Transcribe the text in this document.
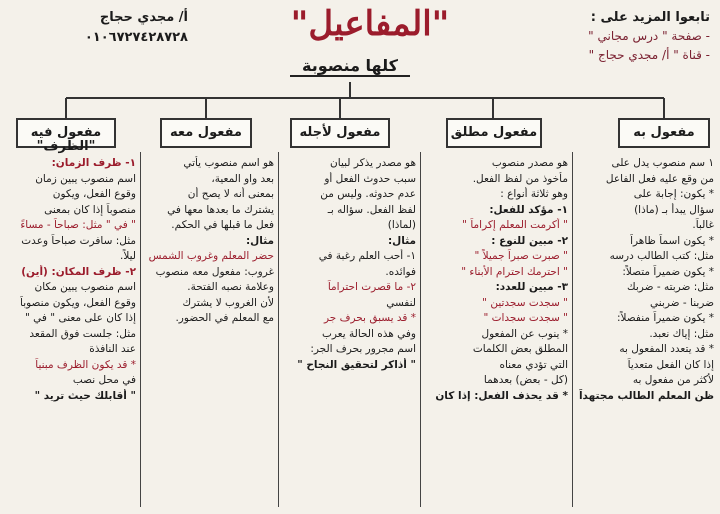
أ/ مجدي حجاج
٠١٠٦٧٢٧٤٢٨٧٢٨	"المفاعيل"
كلها منصوبة
تابعوا المزيد على :
- صفحة " درس مجاني "
- قناة " أ/ مجدي حجاج "
مفعول فيه "الظرف"
مفعول معه	مفعول لأجله	مفعول مطلق	مفعول به
١- ظرف الزمان:
اسم منصوب يبين زمان
وقوع الفعل، ويكون
منصوباً إذا كان بمعنى
" في " مثل: صباحاً - مساءً
مثل: سافرت صباحاً وعدت
ليلاً.
٢- ظرف المكان: (أين)
اسم منصوب يبين مكان
وقوع الفعل، ويكون منصوباً
إذا كان على معنى " في "
مثل: جلست فوق المقعد
عند النافذة
* قد يكون الظرف مبنياً
في محل نصب
" أقابلك حيث تريد "
هو اسم منصوب يأتي
بعد واو المعية،
بمعنى أنه لا يصح أن
يشترك ما بعدها معها في
فعل ما قبلها في الحكم.
مثال:
حضر المعلم وغروب الشمس
غروب: مفعول معه منصوب
وعلامة نصبه الفتحة.
لأن الغروب لا يشترك
مع المعلم في الحضور.
هو مصدر يذكر لبيان
سبب حدوث الفعل أو
عدم حدوثه. وليس من
لفظ الفعل. سؤاله بـ
(لماذا)
مثال:
١- أحب العلم رغبة في
فوائده.
٢- ما قصرت احتراماً
لنفسي
* قد يسبق بحرف جر
وفي هذه الحالة يعرب
اسم مجرور بحرف الجر:
" أذاكر لتحقيق النجاح "
هو مصدر منصوب
مأخوذ من لفظ الفعل.
وهو ثلاثة أنواع :
١- مؤكد للفعل:
" أكرمت المعلم إكراماً "
٢- مبين للنوع :
" صبرت صبراً جميلاً "
" احترمك احترام الأبناء "
٣- مبين للعدد:
" سجدت سجدتين "
" سجدت سجدات "
* ينوب عن المفعول
المطلق بعض الكلمات
التي تؤدي معناه
(كل - بعض) بعدهما
* قد يحذف الفعل: إذا كان
١ سم منصوب يدل على
من وقع عليه فعل الفاعل
* يكون: إجابة على
سؤال يبدأ بـ (ماذا)
غالباً.
* يكون اسماً ظاهراً
مثل: كتب الطالب درسه
* يكون ضميراً متصلاً:
مثل: ضربته - ضربك
ضربنا - ضربني
* يكون ضميراً منفصلاً:
مثل: إياك نعبد.
* قد يتعدد المفعول به
إذا كان الفعل متعدياً
لأكثر من مفعول به
ظن المعلم الطالب مجتهداً
